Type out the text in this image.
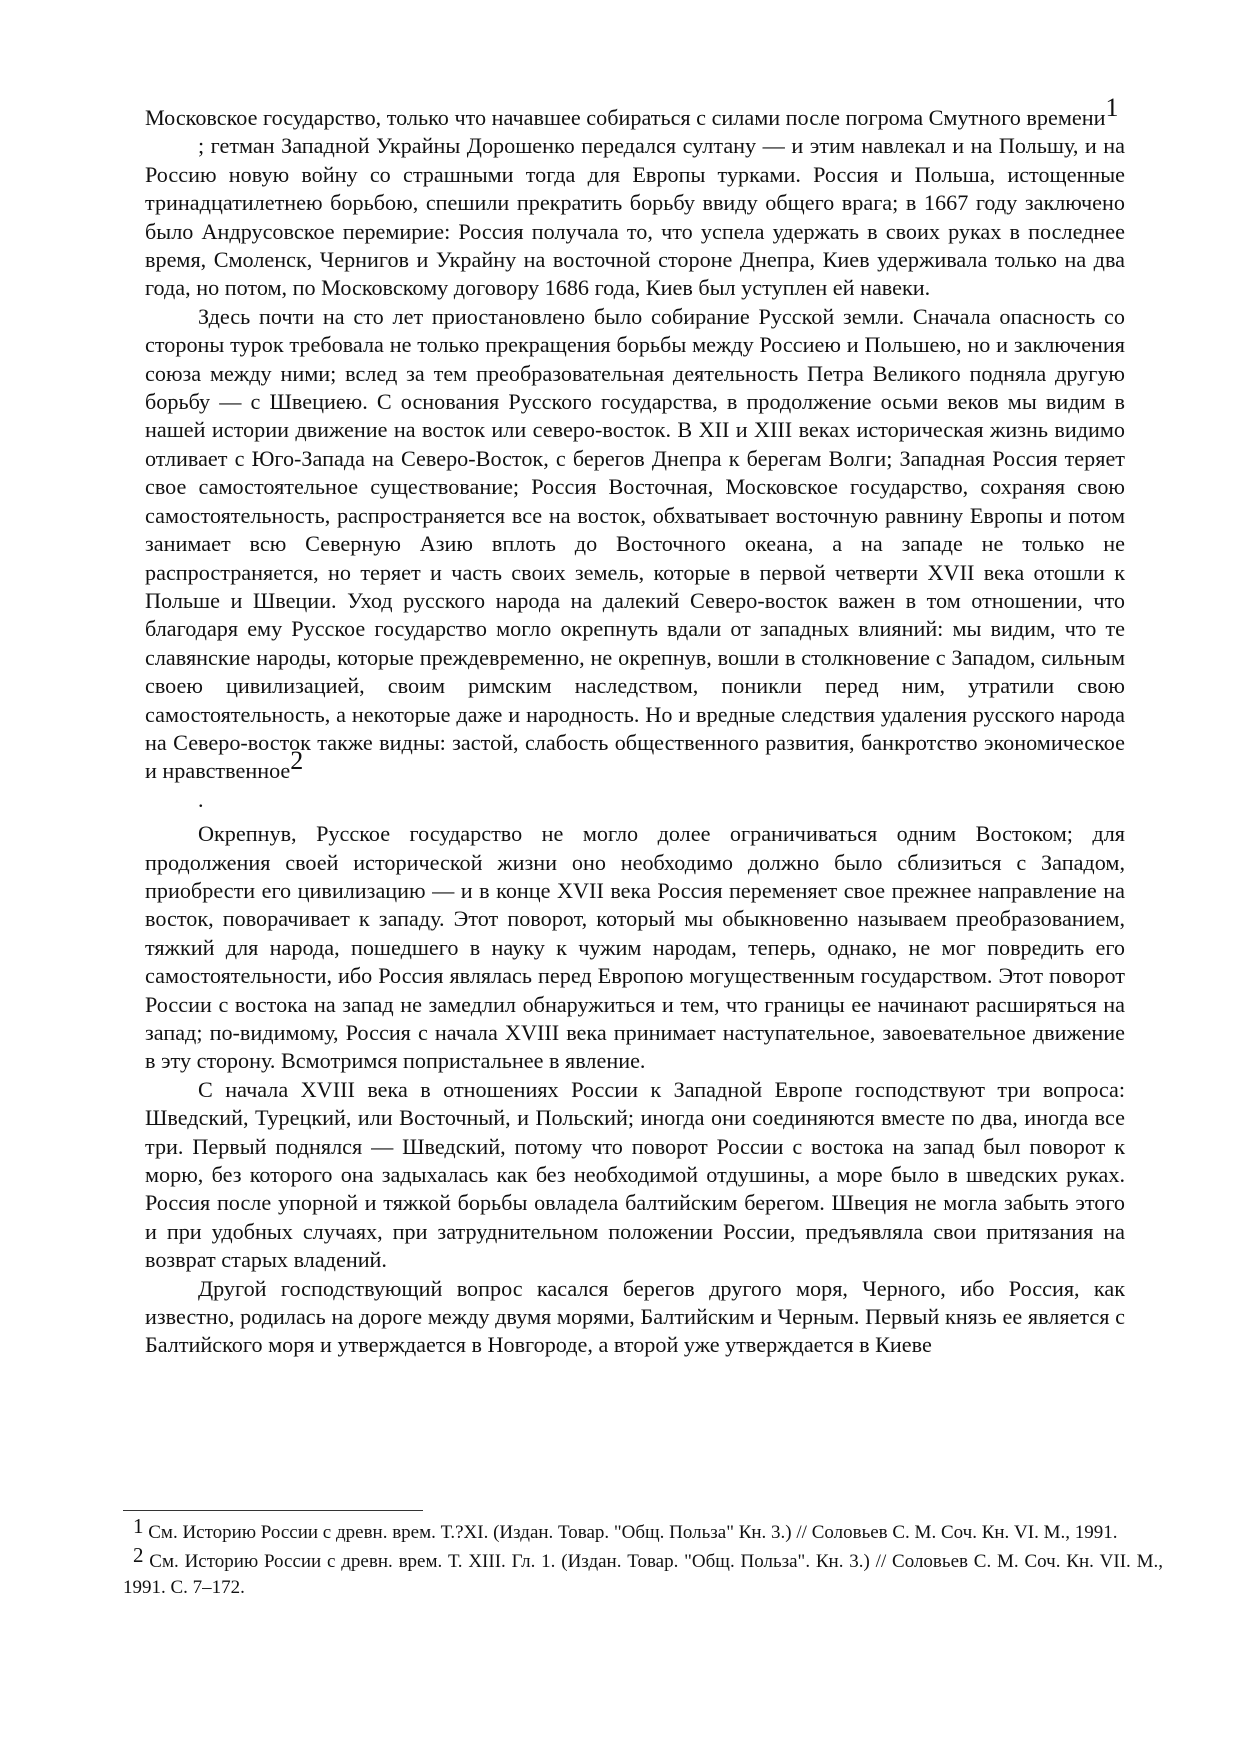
Московское государство, только что начавшее собираться с силами после погрома Смутного времени$^1$

; гетман Западной Украйны Дорошенко передался султану — и этим навлекал и на Польшу, и на Россию новую войну со страшными тогда для Европы турками. Россия и Польша, истощенные тринадцатилетнею борьбою, спешили прекратить борьбу ввиду общего врага; в 1667 году заключено было Андрусовское перемирие: Россия получала то, что успела удержать в своих руках в последнее время, Смоленск, Чернигов и Украйну на восточной стороне Днепра, Киев удерживала только на два года, но потом, по Московскому договору 1686 года, Киев был уступлен ей навеки.

Здесь почти на сто лет приостановлено было собирание Русской земли. Сначала опасность со стороны турок требовала не только прекращения борьбы между Россиею и Польшею, но и заключения союза между ними; вслед за тем преобразовательная деятельность Петра Великого подняла другую борьбу — с Швециею. С основания Русского государства, в продолжение осьми веков мы видим в нашей истории движение на восток или северо-восток. В XII и XIII веках историческая жизнь видимо отливает с Юго-Запада на Северо-Восток, с берегов Днепра к берегам Волги; Западная Россия теряет свое самостоятельное существование; Россия Восточная, Московское государство, сохраняя свою самостоятельность, распространяется все на восток, обхватывает восточную равнину Европы и потом занимает всю Северную Азию вплоть до Восточного океана, а на западе не только не распространяется, но теряет и часть своих земель, которые в первой четверти XVII века отошли к Польше и Швеции. Уход русского народа на далекий Северо-восток важен в том отношении, что благодаря ему Русское государство могло окрепнуть вдали от западных влияний: мы видим, что те славянские народы, которые преждевременно, не окрепнув, вошли в столкновение с Западом, сильным своею цивилизацией, своим римским наследством, поникли перед ним, утратили свою самостоятельность, а некоторые даже и народность. Но и вредные следствия удаления русского народа на Северо-восток также видны: застой, слабость общественного развития, банкротство экономическое и нравственное$^2$

.

Окрепнув, Русское государство не могло долее ограничиваться одним Востоком; для продолжения своей исторической жизни оно необходимо должно было сблизиться с Западом, приобрести его цивилизацию — и в конце XVII века Россия переменяет свое прежнее направление на восток, поворачивает к западу. Этот поворот, который мы обыкновенно называем преобразованием, тяжкий для народа, пошедшего в науку к чужим народам, теперь, однако, не мог повредить его самостоятельности, ибо Россия являлась перед Европою могущественным государством. Этот поворот России с востока на запад не замедлил обнаружиться и тем, что границы ее начинают расширяться на запад; по-видимому, Россия с начала XVIII века принимает наступательное, завоевательное движение в эту сторону. Всмотримся попристальнее в явление.

С начала XVIII века в отношениях России к Западной Европе господствуют три вопроса: Шведский, Турецкий, или Восточный, и Польский; иногда они соединяются вместе по два, иногда все три. Первый поднялся — Шведский, потому что поворот России с востока на запад был поворот к морю, без которого она задыхалась как без необходимой отдушины, а море было в шведских руках. Россия после упорной и тяжкой борьбы овладела балтийским берегом. Швеция не могла забыть этого и при удобных случаях, при затруднительном положении России, предъявляла свои притязания на возврат старых владений.

Другой господствующий вопрос касался берегов другого моря, Черного, ибо Россия, как известно, родилась на дороге между двумя морями, Балтийским и Черным. Первый князь ее является с Балтийского моря и утверждается в Новгороде, а второй уже утверждается в Киеве

$^1$ См. Историю России с древн. врем. Т.?XI. (Издан. Товар. "Общ. Польза" Кн. 3.) // Соловьев С. М. Соч. Кн. VI. М., 1991.

$^2$ См. Историю России с древн. врем. Т. XIII. Гл. 1. (Издан. Товар. "Общ. Польза". Кн. 3.) // Соловьев С. М. Соч. Кн. VII. М., 1991. С. 7–172.
